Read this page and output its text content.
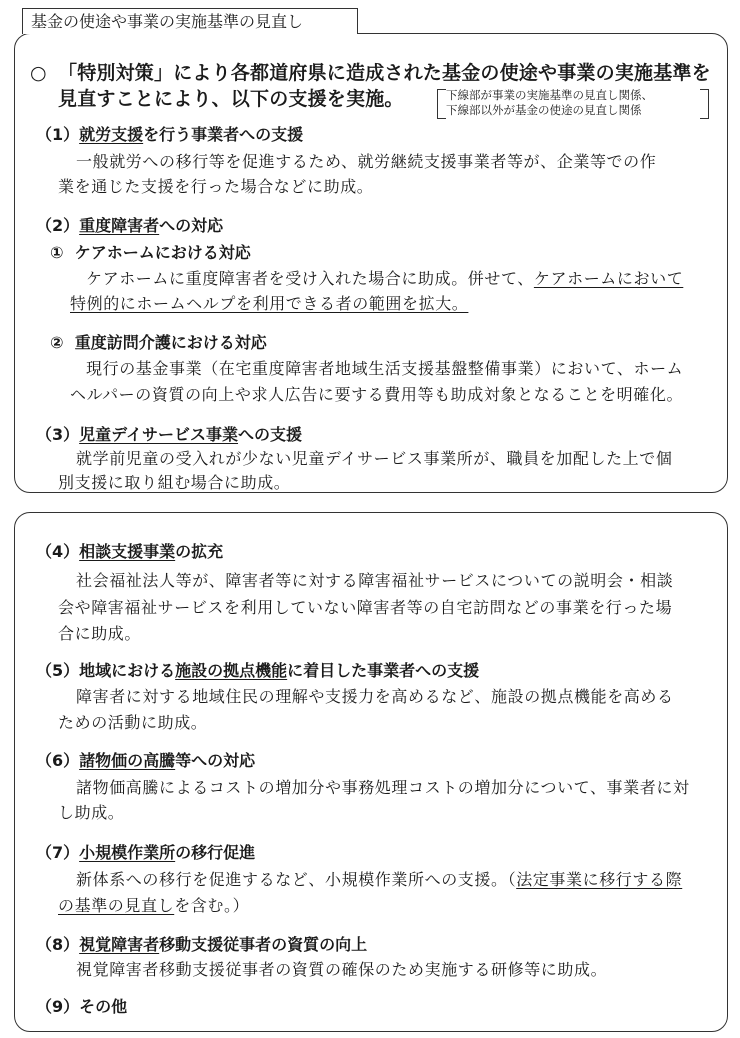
基金の使途や事業の実施基準の見直し
○ 「特別対策」により各都道府県に造成された基金の使途や事業の実施基準を
見直すことにより、以下の支援を実施。	下線部が事業の実施基準の見直し関係、
下線部以外が基金の使途の見直し関係
（1）就労支援を行う事業者への支援
一般就労への移行等を促進するため、就労継続支援事業者等が、企業等での作
業を通じた支援を行った場合などに助成。
（2）重度障害者への対応
① ケアホームにおける対応
ケアホームに重度障害者を受け入れた場合に助成。併せて、ケアホームにおいて
特例的にホームヘルプを利用できる者の範囲を拡大。
② 重度訪問介護における対応
現行の基金事業（在宅重度障害者地域生活支援基盤整備事業）において、ホーム
ヘルパーの資質の向上や求人広告に要する費用等も助成対象となることを明確化。
（3）児童デイサービス事業への支援
就学前児童の受入れが少ない児童デイサービス事業所が、職員を加配した上で個
別支援に取り組む場合に助成。
（4）相談支援事業の拡充
社会福祉法人等が、障害者等に対する障害福祉サービスについての説明会・相談
会や障害福祉サービスを利用していない障害者等の自宅訪問などの事業を行った場
合に助成。
（5）地域における施設の拠点機能に着目した事業者への支援
障害者に対する地域住民の理解や支援力を高めるなど、施設の拠点機能を高める
ための活動に助成。
（6）諸物価の高騰等への対応
諸物価高騰によるコストの増加分や事務処理コストの増加分について、事業者に対
し助成。
（7）小規模作業所の移行促進
新体系への移行を促進するなど、小規模作業所への支援。（法定事業に移行する際
の基準の見直しを含む。）
（8）視覚障害者移動支援従事者の資質の向上
視覚障害者移動支援従事者の資質の確保のため実施する研修等に助成。
（9）その他
